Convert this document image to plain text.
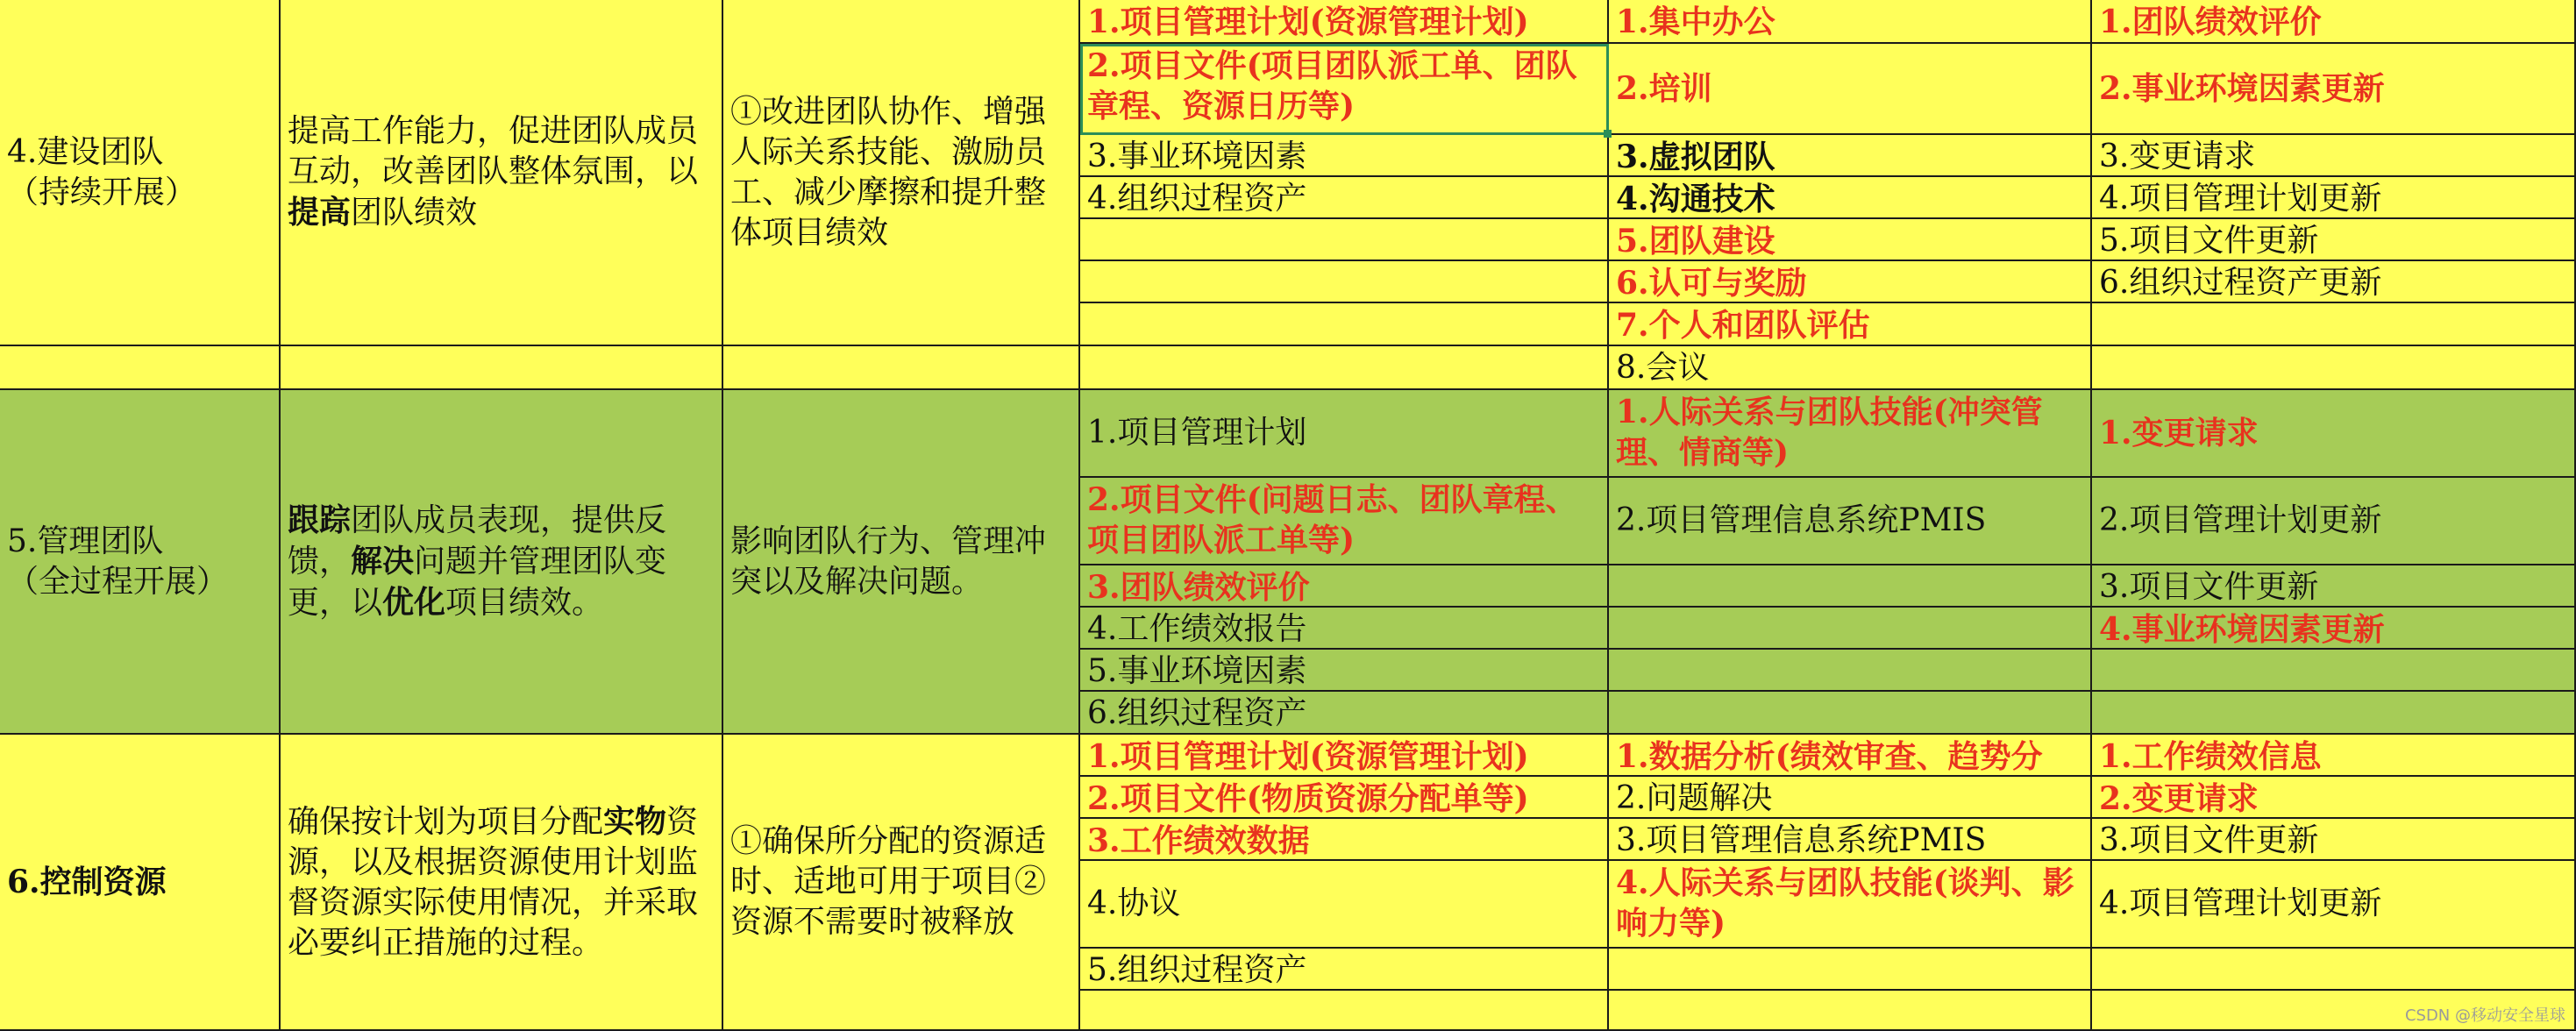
4.建设团队
（持续开展）
提高工作能力，促进团队成员互动，改善团队整体氛围，以提高团队绩效
①改进团队协作、增强人际关系技能、激励员工、减少摩擦和提升整体项目绩效
1.项目管理计划(资源管理计划)
2.项目文件(项目团队派工单、团队章程、资源日历等)
3.事业环境因素
4.组织过程资产
1.集中办公
2.培训
3.虚拟团队
4.沟通技术
5.团队建设
6.认可与奖励
7.个人和团队评估
8.会议
1.团队绩效评价
2.事业环境因素更新
3.变更请求
4.项目管理计划更新
5.项目文件更新
6.组织过程资产更新
5.管理团队
（全过程开展）
跟踪团队成员表现，提供反馈，解决问题并管理团队变更，以优化项目绩效。
影响团队行为、管理冲突以及解决问题。
1.项目管理计划
2.项目文件(问题日志、团队章程、项目团队派工单等)
3.团队绩效评价
4.工作绩效报告
5.事业环境因素
6.组织过程资产
1.人际关系与团队技能(冲突管理、情商等)
2.项目管理信息系统PMIS
1.变更请求
2.项目管理计划更新
3.项目文件更新
4.事业环境因素更新
6.控制资源
确保按计划为项目分配实物资源，以及根据资源使用计划监督资源实际使用情况，并采取必要纠正措施的过程。
①确保所分配的资源适时、适地可用于项目②资源不需要时被释放
1.项目管理计划(资源管理计划)
2.项目文件(物质资源分配单等)
3.工作绩效数据
4.协议
5.组织过程资产
1.数据分析(绩效审查、趋势分
2.问题解决
3.项目管理信息系统PMIS
4.人际关系与团队技能(谈判、影响力等)
1.工作绩效信息
2.变更请求
3.项目文件更新
4.项目管理计划更新
CSDN @移动安全星球
